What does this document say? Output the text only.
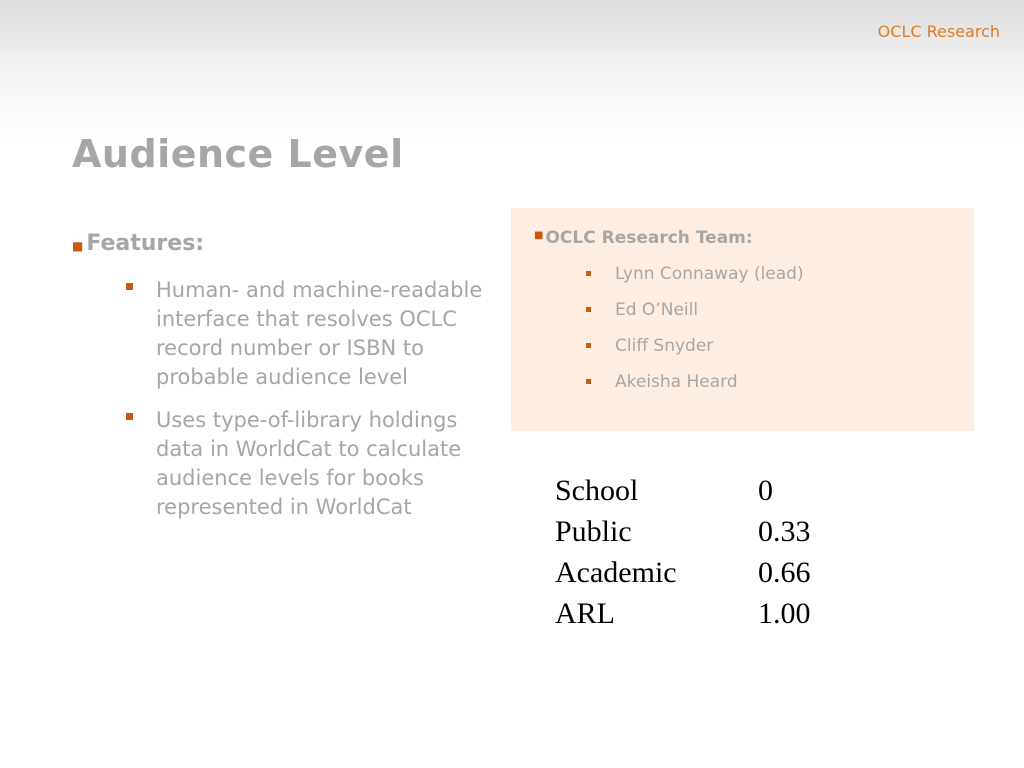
OCLC Research
Audience Level
■ Features:
Human- and machine-readable interface that resolves OCLC record number or ISBN to probable audience level
Uses type-of-library holdings data in WorldCat to calculate audience levels for books represented in WorldCat
■ OCLC Research Team:
Lynn Connaway (lead)
Ed O’Neill
Cliff Snyder
Akeisha Heard
School	0
Public	0.33
Academic	0.66
ARL	1.00
